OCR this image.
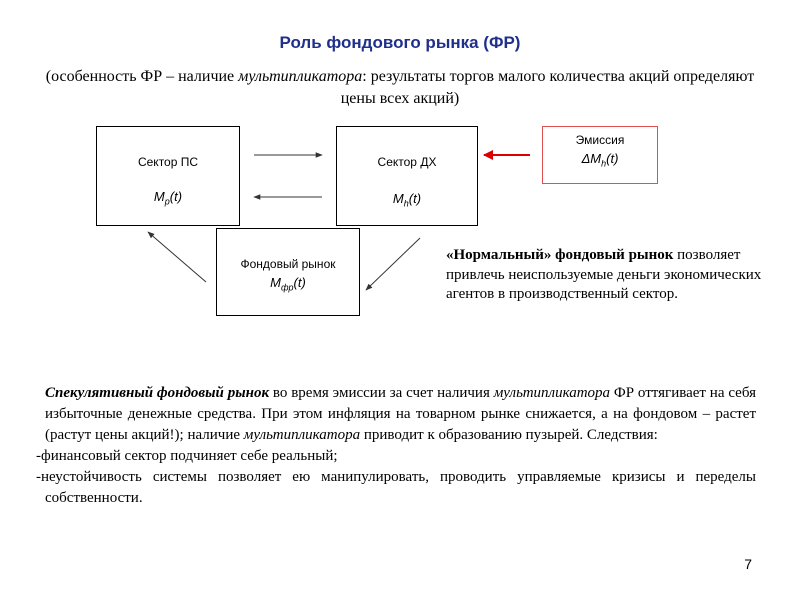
Роль фондового рынка (ФР)
(особенность ФР – наличие мультипликатора: результаты торгов малого количества акций определяют цены всех акций)
Сектор ПС
$M_p(t)$
Сектор ДХ
$M_h(t)$
Фондовый рынок
$M_{фр}(t)$
Эмиссия
$\Delta M_h(t)$
«Нормальный» фондовый рынок позволяет привлечь неиспользуемые деньги экономических агентов в производственный сектор.

Спекулятивный фондовый рынок во время эмиссии за счет наличия мультипликатора ФР оттягивает на себя избыточные денежные средства. При этом инфляция на товарном рынке снижается, а на фондовом – растет (растут цены акций!); наличие мультипликатора приводит к образованию пузырей. Следствия:

-финансовый сектор подчиняет себе реальный;

-неустойчивость системы позволяет ею манипулировать, проводить управляемые кризисы и переделы собственности.

7
